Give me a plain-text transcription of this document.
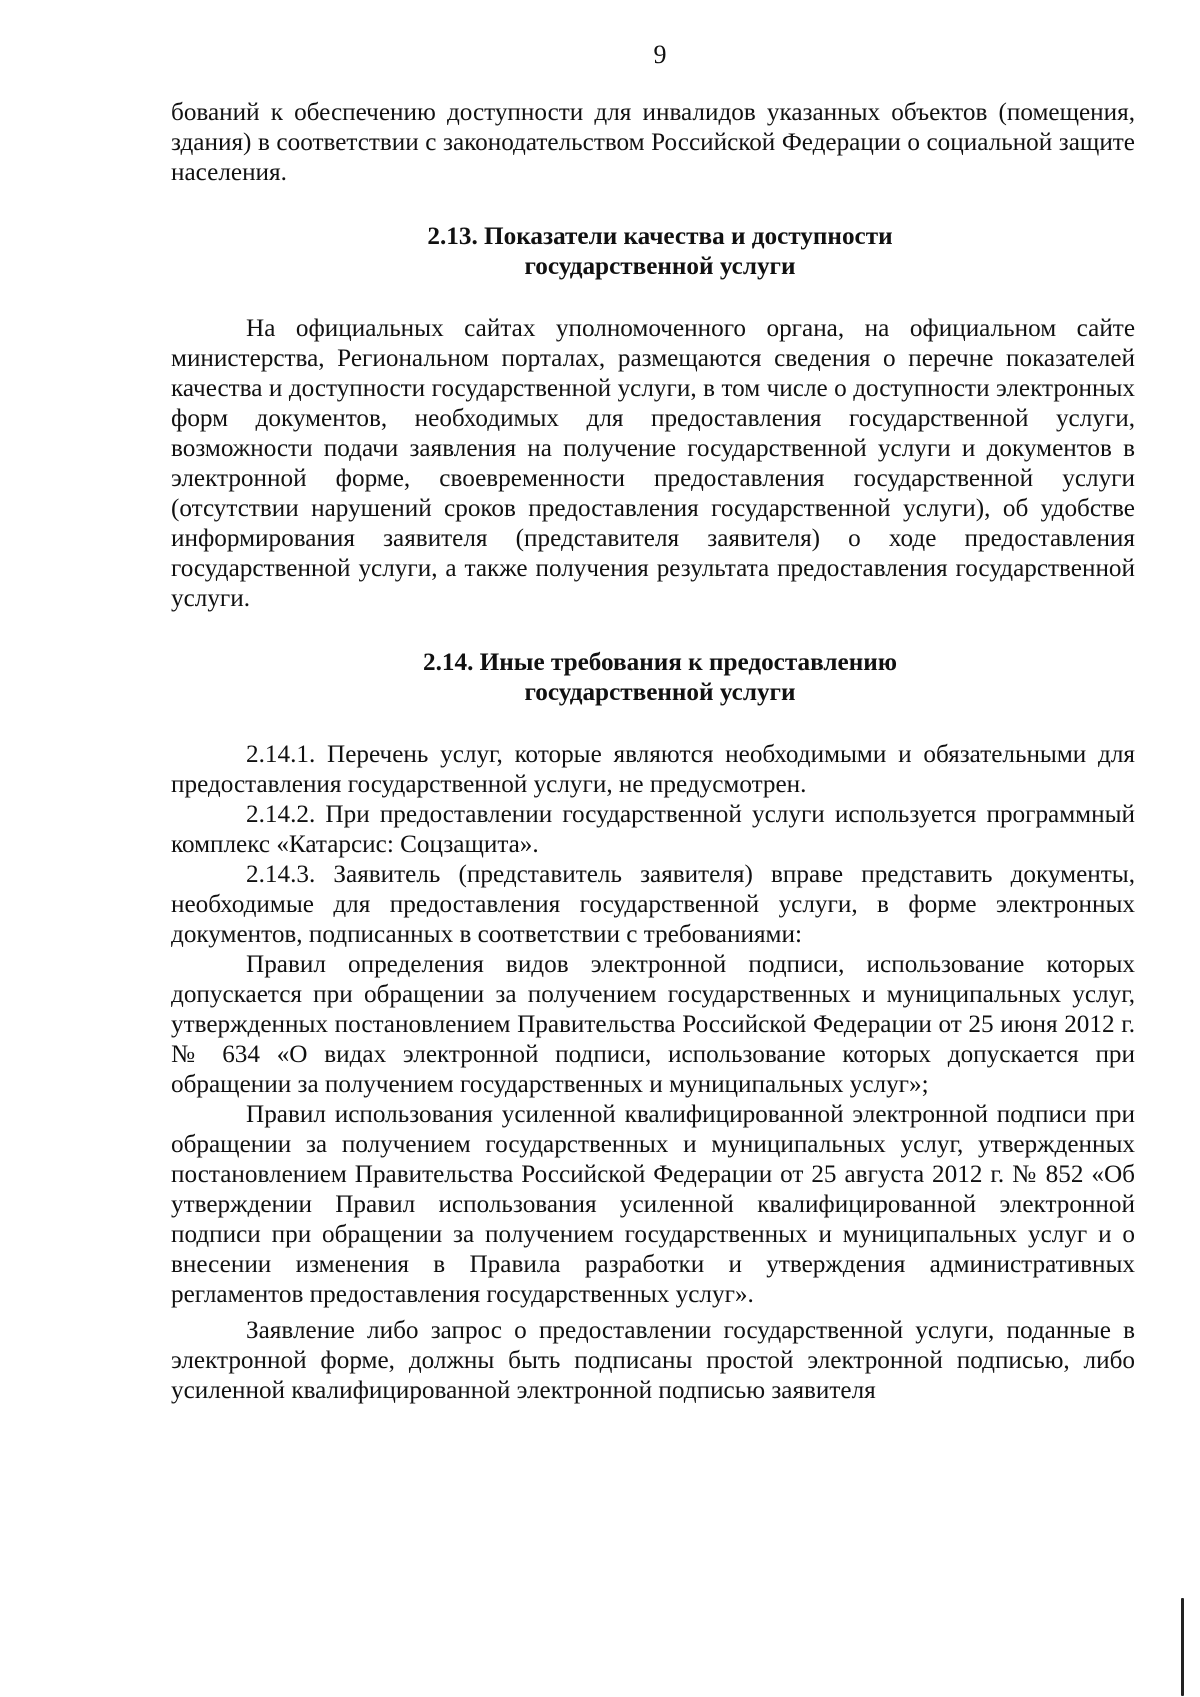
9

бований к обеспечению доступности для инвалидов указанных объектов (помещения, здания) в соответствии с законодательством Российской Федерации о социальной защите населения.

2.13. Показатели качества и доступности

государственной услуги

На официальных сайтах уполномоченного органа, на официальном сайте министерства, Региональном порталах, размещаются сведения о перечне показателей качества и доступности государственной услуги, в том числе о доступности электронных форм документов, необходимых для предоставления государственной услуги, возможности подачи заявления на получение государственной услуги и документов в электронной форме, своевременности предоставления государственной услуги (отсутствии нарушений сроков предоставления государственной услуги), об удобстве информирования заявителя (представителя заявителя) о ходе предоставления государственной услуги, а также получения результата предоставления государственной услуги.

2.14. Иные требования к предоставлению

государственной услуги

2.14.1. Перечень услуг, которые являются необходимыми и обязательными для предоставления государственной услуги, не предусмотрен.

2.14.2. При предоставлении государственной услуги используется программный комплекс «Катарсис: Соцзащита».

2.14.3. Заявитель (представитель заявителя) вправе представить документы, необходимые для предоставления государственной услуги, в форме электронных документов, подписанных в соответствии с требованиями:

Правил определения видов электронной подписи, использование которых допускается при обращении за получением государственных и муниципальных услуг, утвержденных постановлением Правительства Российской Федерации от 25 июня 2012 г. № 634 «О видах электронной подписи, использование которых допускается при обращении за получением государственных и муниципальных услуг»;

Правил использования усиленной квалифицированной электронной подписи при обращении за получением государственных и муниципальных услуг, утвержденных постановлением Правительства Российской Федерации от 25 августа 2012 г. № 852 «Об утверждении Правил использования усиленной квалифицированной электронной подписи при обращении за получением государственных и муниципальных услуг и о внесении изменения в Правила разработки и утверждения административных регламентов предоставления государственных услуг».

Заявление либо запрос о предоставлении государственной услуги, поданные в электронной форме, должны быть подписаны простой электронной подписью, либо усиленной квалифицированной электронной подписью заявителя
